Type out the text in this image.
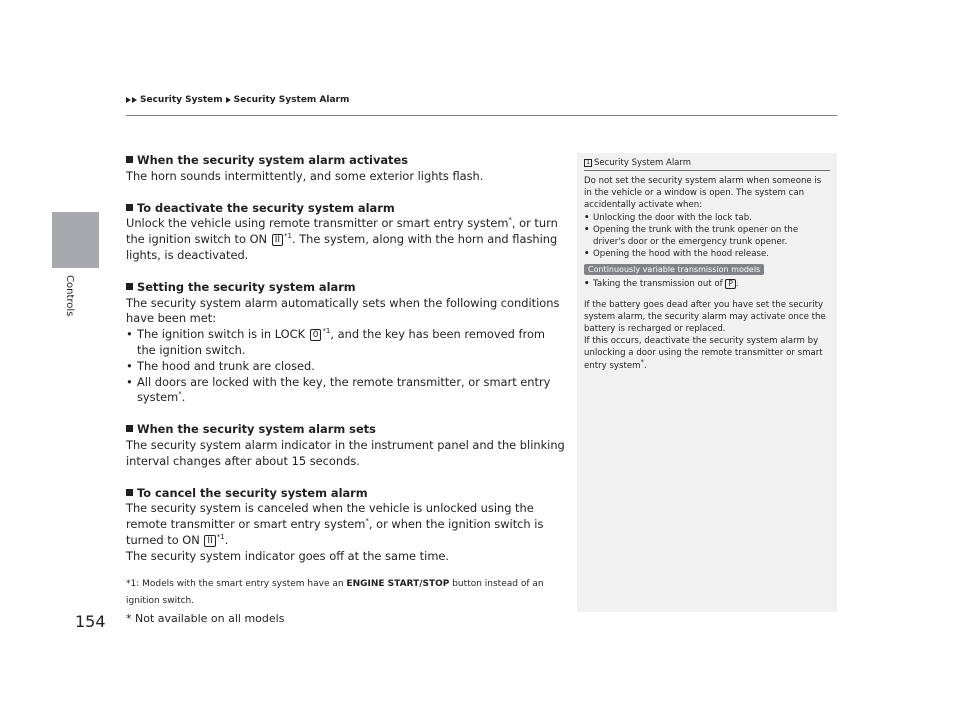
Controls
Security System Security System Alarm
When the security system alarm activates

The horn sounds intermittently, and some exterior lights flash.

To deactivate the security system alarm

Unlock the vehicle using remote transmitter or smart entry system*, or turn the ignition switch to ON II $^{*1}$. The system, along with the horn and flashing lights, is deactivated.

Setting the security system alarm

The security system alarm automatically sets when the following conditions have been met:

• The ignition switch is in LOCK 0 $^{*1}$, and the key has been removed from the ignition switch.
• The hood and trunk are closed.
• All doors are locked with the key, the remote transmitter, or smart entry system*.
When the security system alarm sets

The security system alarm indicator in the instrument panel and the blinking interval changes after about 15 seconds.

To cancel the security system alarm

The security system is canceled when the vehicle is unlocked using the remote transmitter or smart entry system*, or when the ignition switch is turned to ON II $^{*1}$.

The security system indicator goes off at the same time.

*1: Models with the smart entry system have an ENGINE START/STOP button instead of an ignition switch.
154 * Not available on all models
1 Security System Alarm

Do not set the security system alarm when someone is in the vehicle or a window is open. The system can accidentally activate when:

• Unlocking the door with the lock tab.
• Opening the trunk with the trunk opener on the driver's door or the emergency trunk opener.
• Opening the hood with the hood release.
Continuously variable transmission models
• Taking the transmission out of P .

If the battery goes dead after you have set the security system alarm, the security alarm may activate once the battery is recharged or replaced.

If this occurs, deactivate the security system alarm by unlocking a door using the remote transmitter or smart entry system*.
